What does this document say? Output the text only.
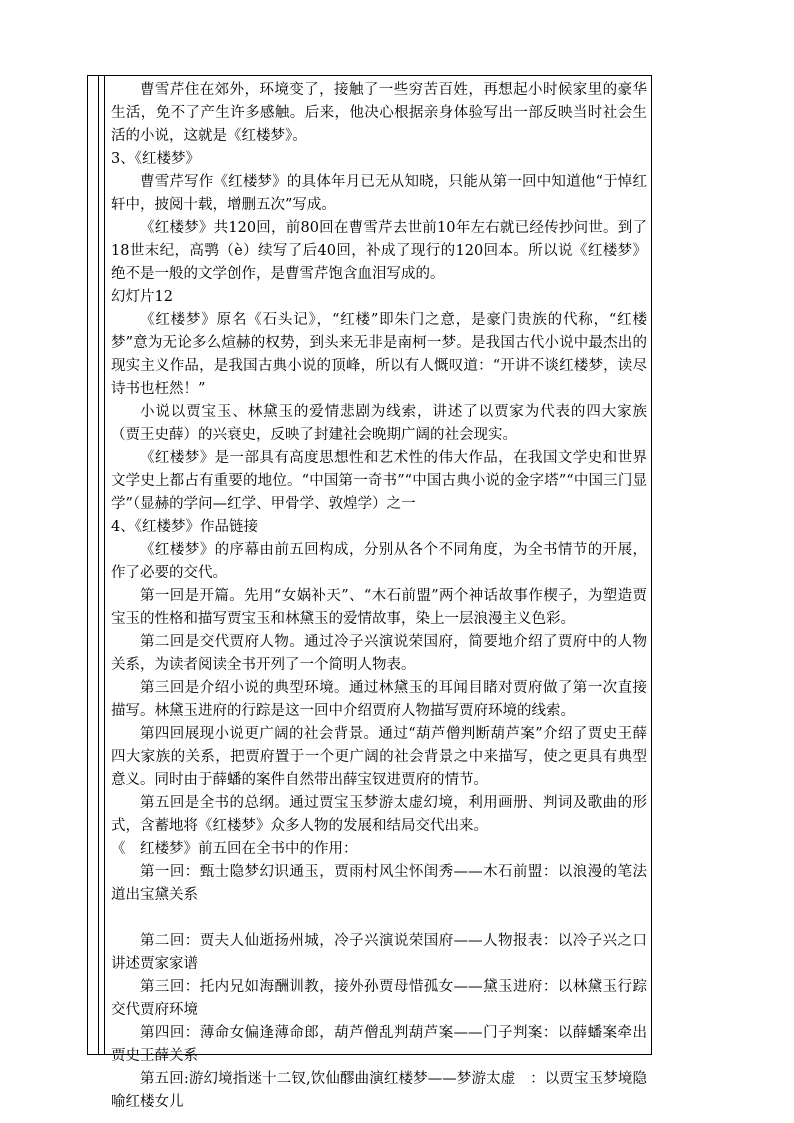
曹雪芹住在郊外，环境变了，接触了一些穷苦百姓，再想起小时候家里的豪华生活，免不了产生许多感触。后来，他决心根据亲身体验写出一部反映当时社会生活的小说，这就是《红楼梦》。

3、《红楼梦》

曹雪芹写作《红楼梦》的具体年月已无从知晓，只能从第一回中知道他“于悼红轩中，披阅十载，增删五次”写成。

《红楼梦》共120回，前80回在曹雪芹去世前10年左右就已经传抄问世。到了18世末纪，高鹗（è）续写了后40回，补成了现行的120回本。所以说《红楼梦》绝不是一般的文学创作，是曹雪芹饱含血泪写成的。

幻灯片12

《红楼梦》原名《石头记》，“红楼”即朱门之意，是豪门贵族的代称，“红楼梦”意为无论多么煊赫的权势，到头来无非是南柯一梦。是我国古代小说中最杰出的现实主义作品，是我国古典小说的顶峰，所以有人慨叹道：“开讲不谈红楼梦，读尽诗书也枉然！”

小说以贾宝玉、林黛玉的爱情悲剧为线索，讲述了以贾家为代表的四大家族（贾王史薛）的兴衰史，反映了封建社会晚期广阔的社会现实。

《红楼梦》是一部具有高度思想性和艺术性的伟大作品，在我国文学史和世界文学史上都占有重要的地位。“中国第一奇书”“中国古典小说的金字塔”“中国三门显学”（显赫的学问—红学、甲骨学、敦煌学）之一

4、《红楼梦》作品链接

《红楼梦》的序幕由前五回构成，分别从各个不同角度，为全书情节的开展，作了必要的交代。

第一回是开篇。先用“女娲补天”、“木石前盟”两个神话故事作楔子，为塑造贾宝玉的性格和描写贾宝玉和林黛玉的爱情故事，染上一层浪漫主义色彩。

第二回是交代贾府人物。通过冷子兴演说荣国府，简要地介绍了贾府中的人物关系，为读者阅读全书开列了一个简明人物表。

第三回是介绍小说的典型环境。通过林黛玉的耳闻目睹对贾府做了第一次直接描写。林黛玉进府的行踪是这一回中介绍贾府人物描写贾府环境的线索。

第四回展现小说更广阔的社会背景。通过“葫芦僧判断葫芦案”介绍了贾史王薛四大家族的关系，把贾府置于一个更广阔的社会背景之中来描写，使之更具有典型意义。同时由于薛蟠的案件自然带出薛宝钗进贾府的情节。

第五回是全书的总纲。通过贾宝玉梦游太虚幻境，利用画册、判词及歌曲的形式，含蓄地将《红楼梦》众多人物的发展和结局交代出来。

《　红楼梦》前五回在全书中的作用：

第一回：甄士隐梦幻识通玉，贾雨村风尘怀闺秀——木石前盟：以浪漫的笔法道出宝黛关系

第二回：贾夫人仙逝扬州城，冷子兴演说荣国府——人物报表：以冷子兴之口讲述贾家家谱

第三回：托内兄如海酬训教，接外孙贾母惜孤女——黛玉进府：以林黛玉行踪交代贾府环境

第四回：薄命女偏逢薄命郎，葫芦僧乱判葫芦案——门子判案：以薛蟠案牵出贾史王薛关系

第五回:游幻境指迷十二钗,饮仙醪曲演红楼梦——梦游太虚　：以贾宝玉梦境隐喻红楼女儿
